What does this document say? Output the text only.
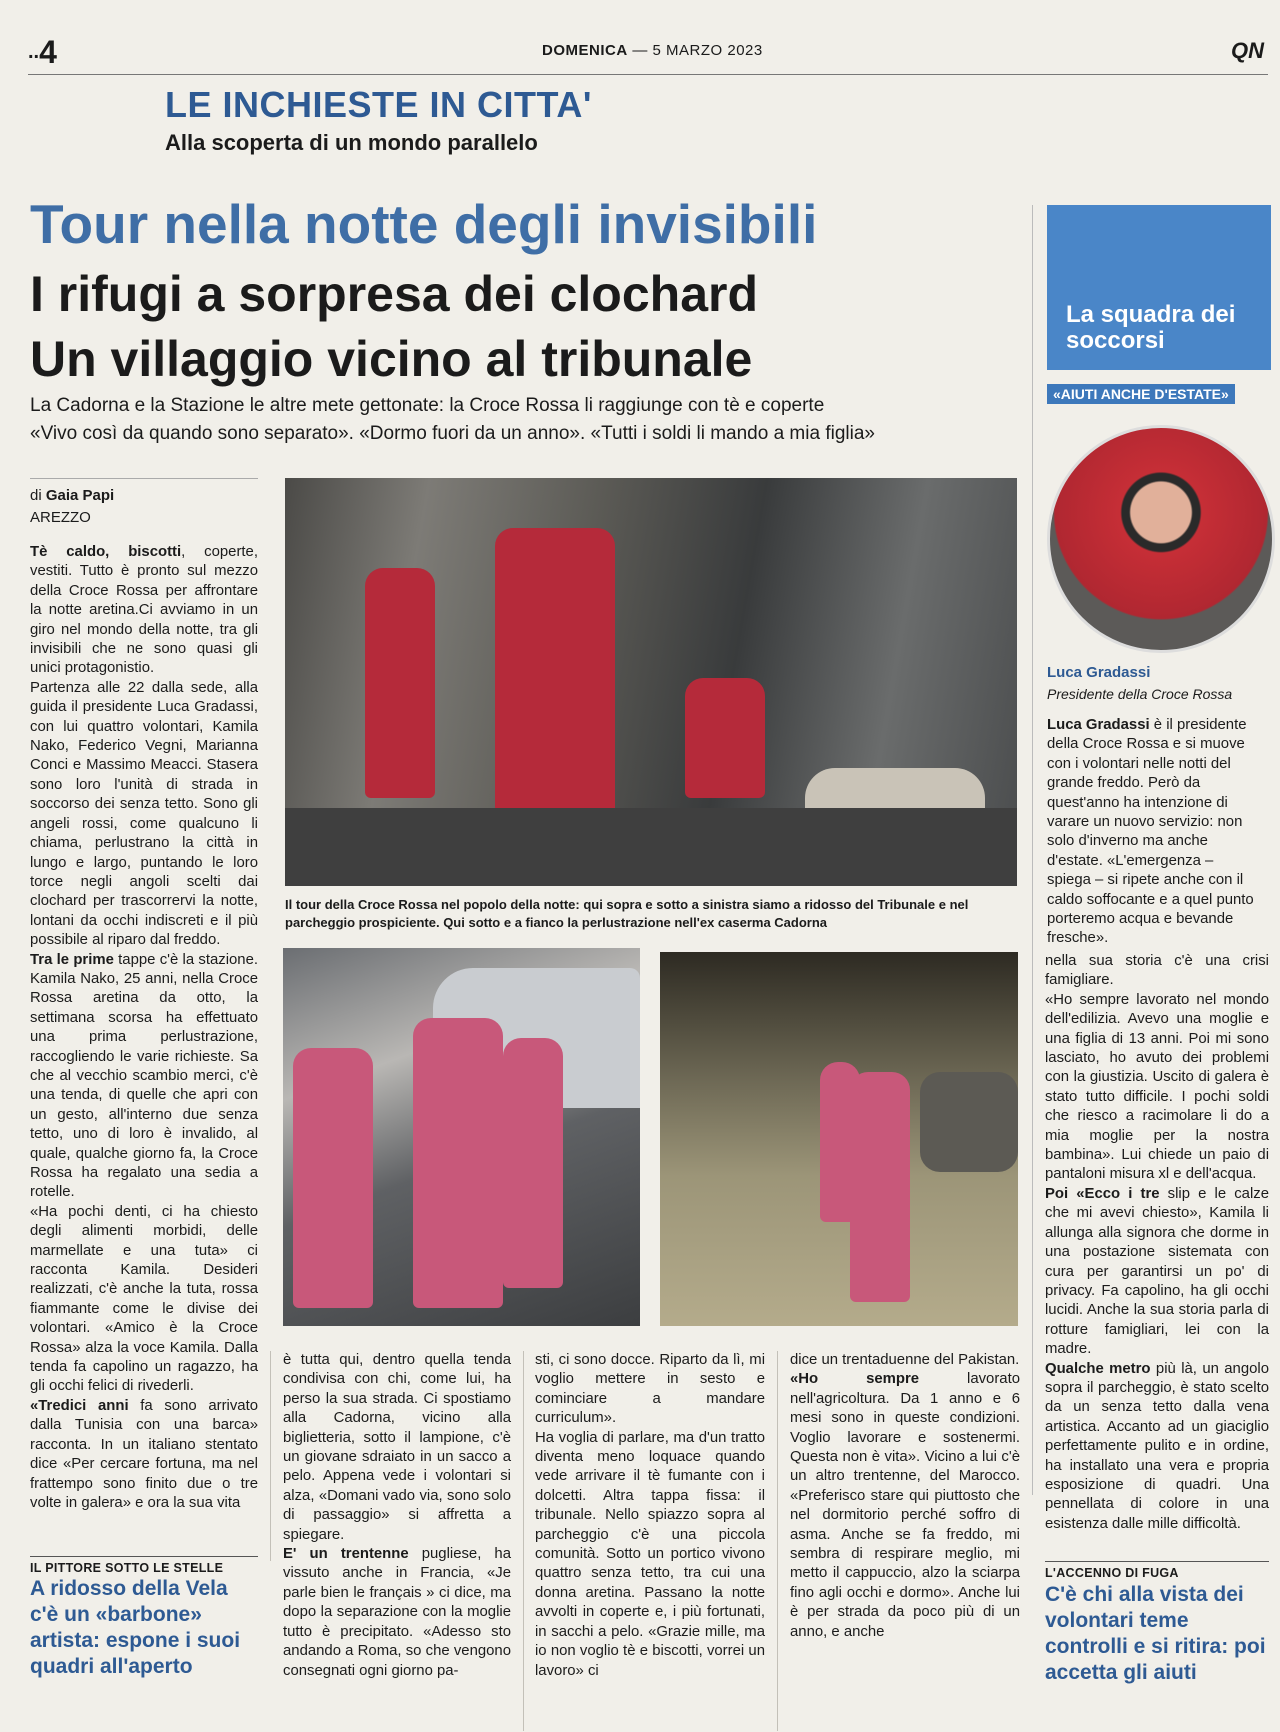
..4	DOMENICA — 5 MARZO 2023	QN
LE INCHIESTE IN CITTA'
Alla scoperta di un mondo parallelo
Tour nella notte degli invisibili
I rifugi a sorpresa dei clochard
Un villaggio vicino al tribunale
La Cadorna e la Stazione le altre mete gettonate: la Croce Rossa li raggiunge con tè e coperte
«Vivo così da quando sono separato». «Dormo fuori da un anno». «Tutti i soldi li mando a mia figlia»
di Gaia Papi
AREZZO
Il tour della Croce Rossa nel popolo della notte: qui sopra e sotto a sinistra siamo a ridosso del Tribunale e nel
parcheggio prospiciente. Qui sotto e a fianco la perlustrazione nell'ex caserma Cadorna

Tè caldo, biscotti, coperte, vestiti. Tutto è pronto sul mezzo della Croce Rossa per affrontare la notte aretina.Ci avviamo in un giro nel mondo della notte, tra gli invisibili che ne sono quasi gli unici protagonistio.

Partenza alle 22 dalla sede, alla guida il presidente Luca Gradassi, con lui quattro volontari, Kamila Nako, Federico Vegni, Marianna Conci e Massimo Meacci. Stasera sono loro l'unità di strada in soccorso dei senza tetto. Sono gli angeli rossi, come qualcuno li chiama, perlustrano la città in lungo e largo, puntando le loro torce negli angoli scelti dai clochard per trascorrervi la notte, lontani da occhi indiscreti e il più possibile al riparo dal freddo.

Tra le prime tappe c'è la stazione. Kamila Nako, 25 anni, nella Croce Rossa aretina da otto, la settimana scorsa ha effettuato una prima perlustrazione, raccogliendo le varie richieste. Sa che al vecchio scambio merci, c'è una tenda, di quelle che apri con un gesto, all'interno due senza tetto, uno di loro è invalido, al quale, qualche giorno fa, la Croce Rossa ha regalato una sedia a rotelle.

«Ha pochi denti, ci ha chiesto degli alimenti morbidi, delle marmellate e una tuta» ci racconta Kamila. Desideri realizzati, c'è anche la tuta, rossa fiammante come le divise dei volontari. «Amico è la Croce Rossa» alza la voce Kamila. Dalla tenda fa capolino un ragazzo, ha gli occhi felici di rivederli.

«Tredici anni fa sono arrivato dalla Tunisia con una barca» racconta. In un italiano stentato dice «Per cercare fortuna, ma nel frattempo sono finito due o tre volte in galera» e ora la sua vita

è tutta qui, dentro quella tenda condivisa con chi, come lui, ha perso la sua strada. Ci spostiamo alla Cadorna, vicino alla biglietteria, sotto il lampione, c'è un giovane sdraiato in un sacco a pelo. Appena vede i volontari si alza, «Domani vado via, sono solo di passaggio» si affretta a spiegare.

E' un trentenne pugliese, ha vissuto anche in Francia, «Je parle bien le français » ci dice, ma dopo la separazione con la moglie tutto è precipitato. «Adesso sto andando a Roma, so che vengono consegnati ogni giorno pa-

sti, ci sono docce. Riparto da lì, mi voglio mettere in sesto e cominciare a mandare curriculum».

Ha voglia di parlare, ma d'un tratto diventa meno loquace quando vede arrivare il tè fumante con i dolcetti. Altra tappa fissa: il tribunale. Nello spiazzo sopra al parcheggio c'è una piccola comunità. Sotto un portico vivono quattro senza tetto, tra cui una donna aretina. Passano la notte avvolti in coperte e, i più fortunati, in sacchi a pelo. «Grazie mille, ma io non voglio tè e biscotti, vorrei un lavoro» ci

dice un trentaduenne del Pakistan.

«Ho sempre lavorato nell'agricoltura. Da 1 anno e 6 mesi sono in queste condizioni. Voglio lavorare e sostenermi. Questa non è vita». Vicino a lui c'è un altro trentenne, del Marocco. «Preferisco stare qui piuttosto che nel dormitorio perché soffro di asma. Anche se fa freddo, mi sembra di respirare meglio, mi metto il cappuccio, alzo la sciarpa fino agli occhi e dormo». Anche lui è per strada da poco più di un anno, e anche

nella sua storia c'è una crisi famigliare.

«Ho sempre lavorato nel mondo dell'edilizia. Avevo una moglie e una figlia di 13 anni. Poi mi sono lasciato, ho avuto dei problemi con la giustizia. Uscito di galera è stato tutto difficile. I pochi soldi che riesco a racimolare li do a mia moglie per la nostra bambina». Lui chiede un paio di pantaloni misura xl e dell'acqua.

Poi «Ecco i tre slip e le calze che mi avevi chiesto», Kamila li allunga alla signora che dorme in una postazione sistemata con cura per garantirsi un po' di privacy. Fa capolino, ha gli occhi lucidi. Anche la sua storia parla di rotture famigliari, lei con la madre.

Qualche metro più là, un angolo sopra il parcheggio, è stato scelto da un senza tetto dalla vena artistica. Accanto ad un giaciglio perfettamente pulito e in ordine, ha installato una vera e propria esposizione di quadri. Una pennellata di colore in una esistenza dalle mille difficoltà.

La squadra dei soccorsi
«AIUTI ANCHE D'ESTATE»
Luca Gradassi
Presidente della Croce Rossa
Luca Gradassi è il presidente della Croce Rossa e si muove con i volontari nelle notti del grande freddo. Però da quest'anno ha intenzione di varare un nuovo servizio: non solo d'inverno ma anche d'estate. «L'emergenza – spiega – si ripete anche con il caldo soffocante e a quel punto porteremo acqua e bevande fresche».
IL PITTORE SOTTO LE STELLE
A ridosso della Vela c'è un «barbone» artista: espone i suoi quadri all'aperto
L'ACCENNO DI FUGA
C'è chi alla vista dei volontari teme controlli e si ritira: poi accetta gli aiuti
